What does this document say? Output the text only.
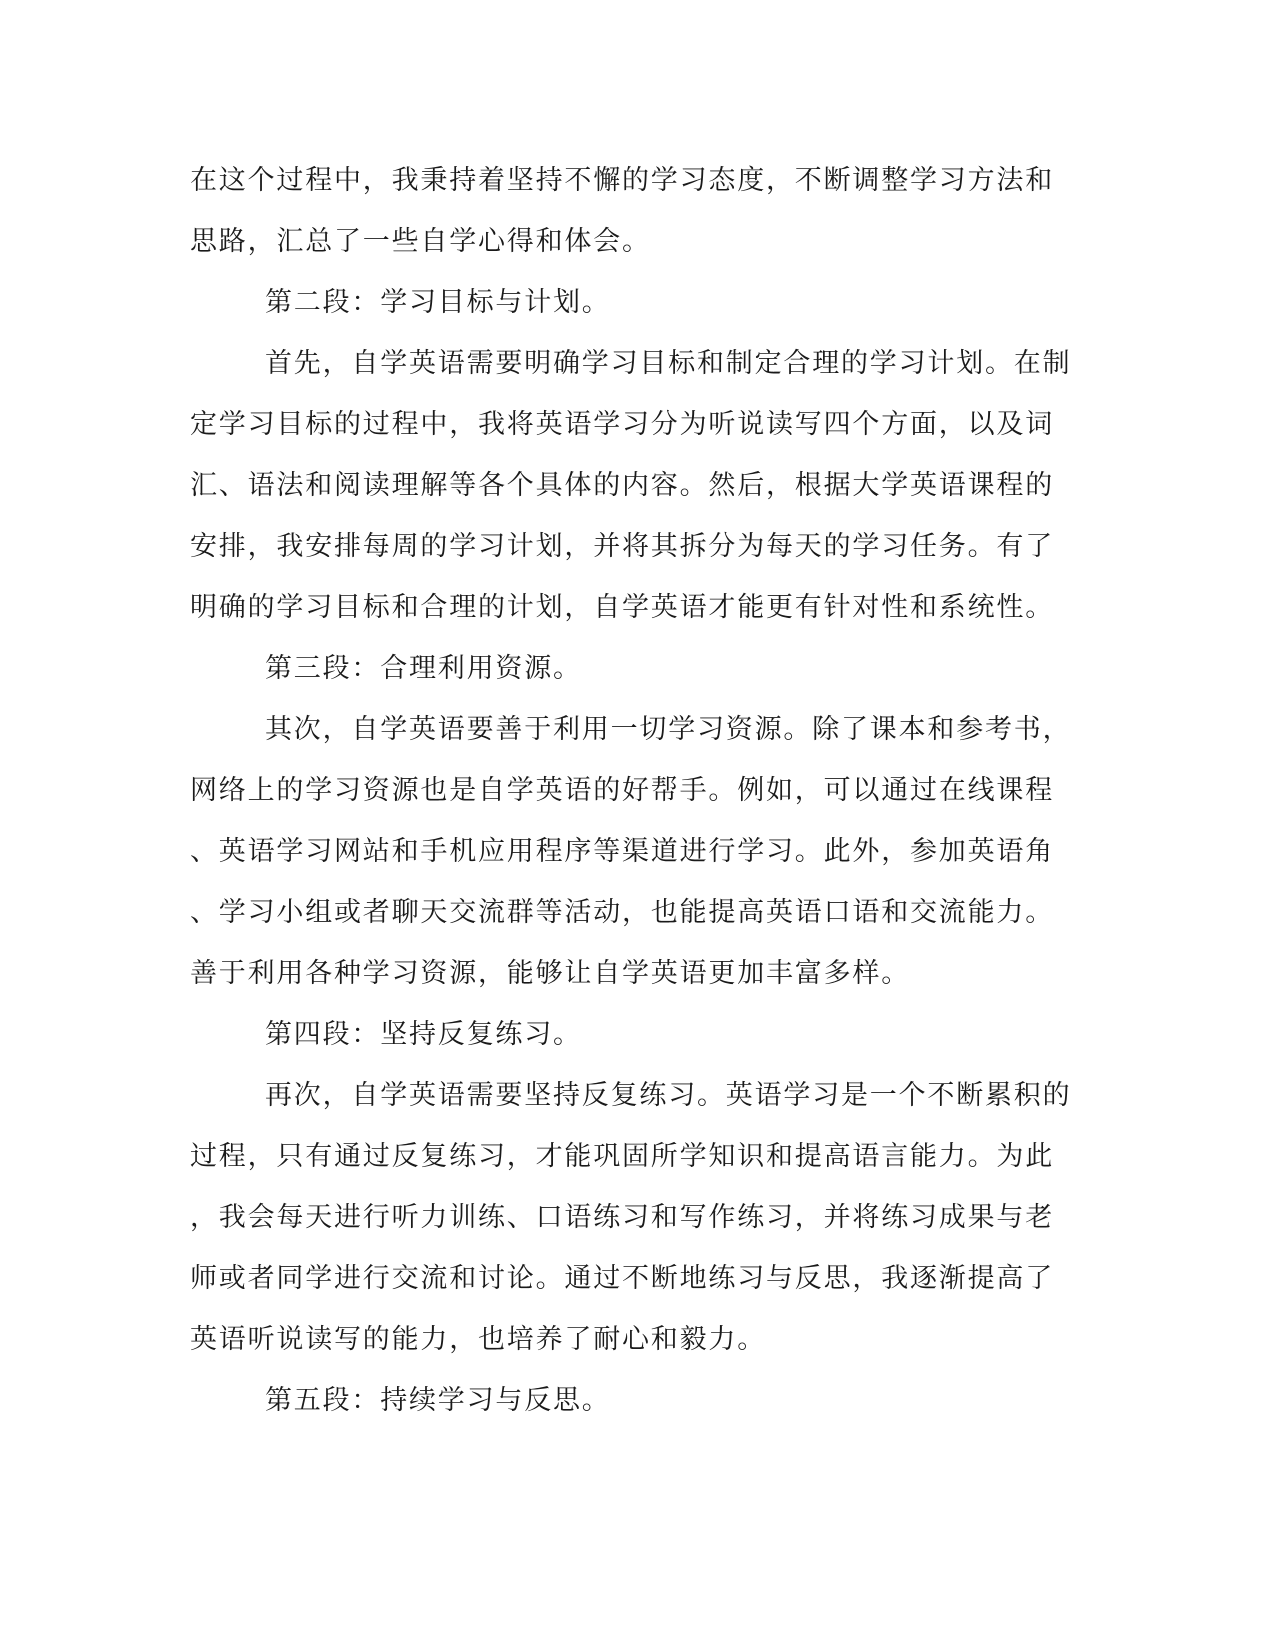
在这个过程中，我秉持着坚持不懈的学习态度，不断调整学习方法和
思路，汇总了一些自学心得和体会。
第二段：学习目标与计划。
首先，自学英语需要明确学习目标和制定合理的学习计划。在制
定学习目标的过程中，我将英语学习分为听说读写四个方面，以及词
汇、语法和阅读理解等各个具体的内容。然后，根据大学英语课程的
安排，我安排每周的学习计划，并将其拆分为每天的学习任务。有了
明确的学习目标和合理的计划，自学英语才能更有针对性和系统性。
第三段：合理利用资源。
其次，自学英语要善于利用一切学习资源。除了课本和参考书，
网络上的学习资源也是自学英语的好帮手。例如，可以通过在线课程
、英语学习网站和手机应用程序等渠道进行学习。此外，参加英语角
、学习小组或者聊天交流群等活动，也能提高英语口语和交流能力。
善于利用各种学习资源，能够让自学英语更加丰富多样。
第四段：坚持反复练习。
再次，自学英语需要坚持反复练习。英语学习是一个不断累积的
过程，只有通过反复练习，才能巩固所学知识和提高语言能力。为此
，我会每天进行听力训练、口语练习和写作练习，并将练习成果与老
师或者同学进行交流和讨论。通过不断地练习与反思，我逐渐提高了
英语听说读写的能力，也培养了耐心和毅力。
第五段：持续学习与反思。
